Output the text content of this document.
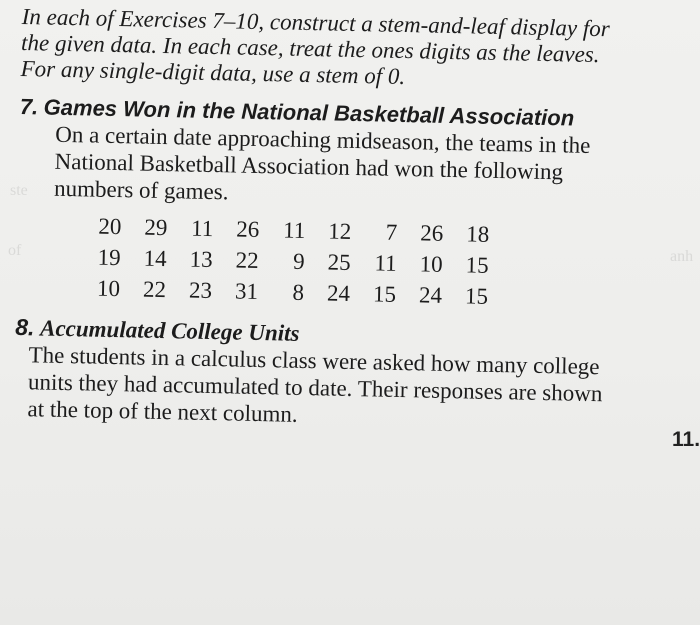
ste
of	anh

In each of Exercises 7–10, construct a stem-and-leaf display for the given data. In each case, treat the ones digits as the leaves. For any single-digit data, use a stem of 0.

7. Games Won in the National Basketball Association

On a certain date approaching midseason, the teams in the National Basketball Association had won the following numbers of games.

20	29	11	26	11	12	7	26	18
19	14	13	22	9	25	11	10	15
10	22	23	31	8	24	15	24	15

8. Accumulated College Units

The students in a calculus class were asked how many college units they had accumulated to date. Their responses are shown at the top of the next column.

11.
